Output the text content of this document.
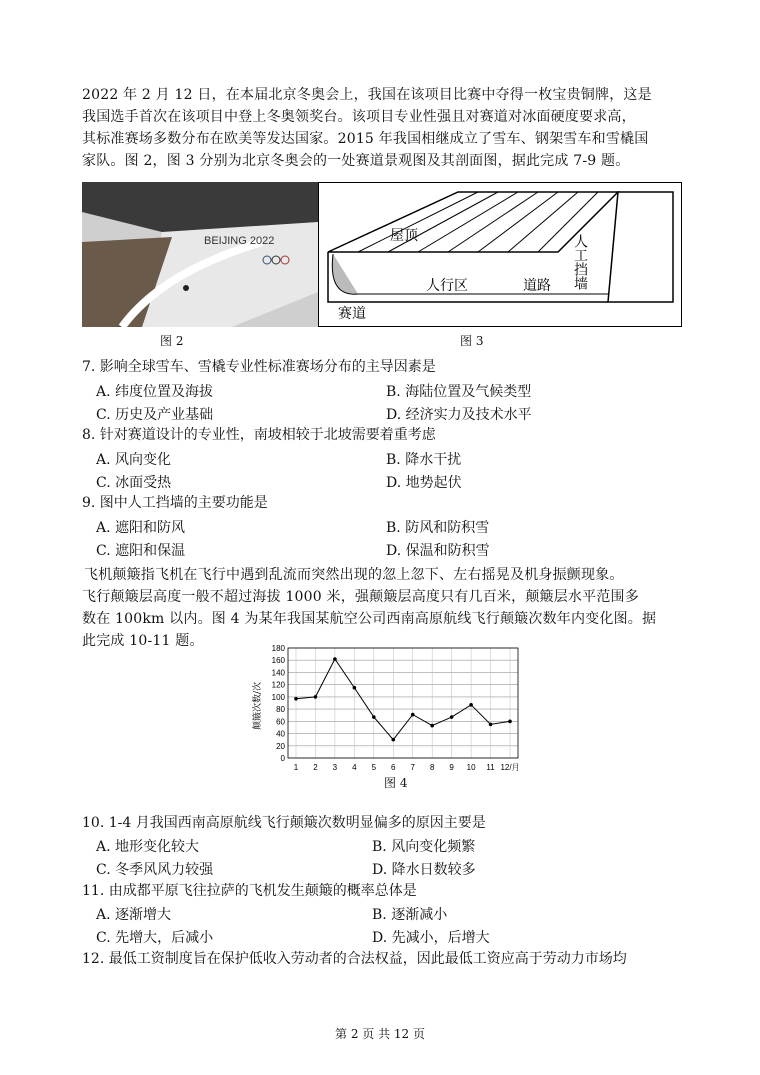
2022 年 2 月 12 日，在本届北京冬奥会上，我国在该项目比赛中夺得一枚宝贵铜牌，这是
我国选手首次在该项目中登上冬奥领奖台。该项目专业性强且对赛道对冰面硬度要求高，
其标准赛场多数分布在欧美等发达国家。2015 年我国相继成立了雪车、钢架雪车和雪橇国
家队。图 2，图 3 分别为北京冬奥会的一处赛道景观图及其剖面图，据此完成 7-9 题。
BEIJING 2022
图 2
屋顶
人行区	道路
赛道
人工挡墙
图 3
7. 影响全球雪车、雪橇专业性标准赛场分布的主导因素是
A. 纬度位置及海拔	B. 海陆位置及气候类型
C. 历史及产业基础	D. 经济实力及技术水平
8. 针对赛道设计的专业性，南坡相较于北坡需要着重考虑
A. 风向变化	B. 降水干扰
C. 冰面受热	D. 地势起伏
9. 图中人工挡墙的主要功能是
A. 遮阳和防风	B. 防风和防积雪
C. 遮阳和保温	D. 保温和防积雪
飞机颠簸指飞机在飞行中遇到乱流而突然出现的忽上忽下、左右摇晃及机身振颤现象。
飞行颠簸层高度一般不超过海拔 1000 米，强颠簸层高度只有几百米，颠簸层水平范围多
数在 100km 以内。图 4 为某年我国某航空公司西南高原航线飞行颠簸次数年内变化图。据
此完成 10-11 题。
颠簸次数/次
0
20
40
60
80
100
120
140
160
180
1 2 3 4 5 6 7 8 9 10 11 12/月
图 4
10. 1-4 月我国西南高原航线飞行颠簸次数明显偏多的原因主要是
A. 地形变化较大	B. 风向变化频繁
C. 冬季风风力较强	D. 降水日数较多
11. 由成都平原飞往拉萨的飞机发生颠簸的概率总体是
A. 逐渐增大	B. 逐渐减小
C. 先增大，后减小	D. 先减小，后增大
12. 最低工资制度旨在保护低收入劳动者的合法权益，因此最低工资应高于劳动力市场均
第 2 页 共 12 页
